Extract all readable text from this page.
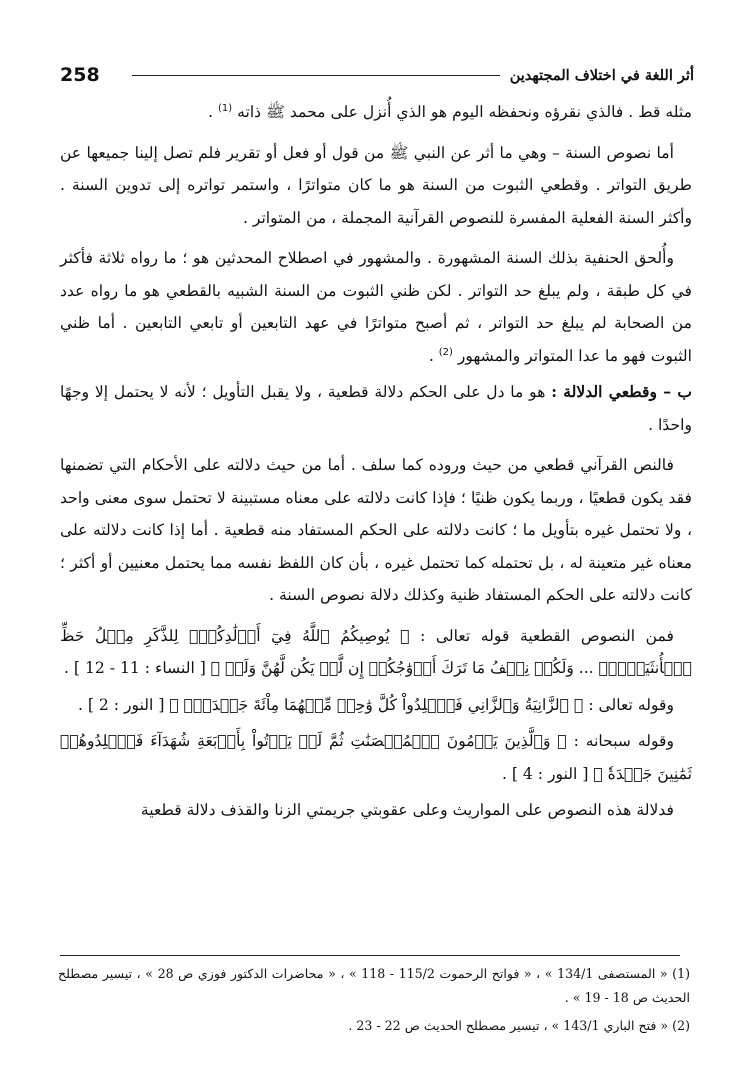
258	أثر اللغة في اختلاف المجتهدين

مثله قط . فالذي نقرؤه ونحفظه اليوم هو الذي أُنزل على محمد ﷺ ذاته $^{(1)}$ .

أما نصوص السنة – وهي ما أثر عن النبي ﷺ من قول أو فعل أو تقرير فلم تصل إلينا جميعها عن طريق التواتر . وقطعي الثبوت من السنة هو ما كان متواترًا ، واستمر تواتره إلى تدوين السنة . وأكثر السنة الفعلية المفسرة للنصوص القرآنية المجملة ، من المتواتر .

وأُلحق الحنفية بذلك السنة المشهورة . والمشهور في اصطلاح المحدثين هو ؛ ما رواه ثلاثة فأكثر في كل طبقة ، ولم يبلغ حد التواتر . لكن ظني الثبوت من السنة الشبيه بالقطعي هو ما رواه عدد من الصحابة لم يبلغ حد التواتر ، ثم أصبح متواترًا في عهد التابعين أو تابعي التابعين . أما ظني الثبوت فهو ما عدا المتواتر والمشهور $^{(2)}$ .

ب – وقطعي الدلالة : هو ما دل على الحكم دلالة قطعية ، ولا يقبل التأويل ؛ لأنه لا يحتمل إلا وجهًا واحدًا .

فالنص القرآني قطعي من حيث وروده كما سلف . أما من حيث دلالته على الأحكام التي تضمنها فقد يكون قطعيًا ، وربما يكون ظنيًا ؛ فإذا كانت دلالته على معناه مستبينة لا تحتمل سوى معنى واحد ، ولا تحتمل غيره بتأويل ما ؛ كانت دلالته على الحكم المستفاد منه قطعية . أما إذا كانت دلالته على معناه غير متعينة له ، بل تحتمله كما تحتمل غيره ، بأن كان اللفظ نفسه مما يحتمل معنيين أو أكثر ؛ كانت دلالته على الحكم المستفاد ظنية وكذلك دلالة نصوص السنة .

فمن النصوص القطعية قوله تعالى : ﴿ يُوصِيكُمُ ٱللَّهُ فِيٓ أَوۡلَٰدِكُمۡۖ لِلذَّكَرِ مِثۡلُ حَظِّ ٱلۡأُنثَيَيۡنِۚ ... وَلَكُمۡ نِصۡفُ مَا تَرَكَ أَزۡوَٰجُكُمۡ إِن لَّمۡ يَكُن لَّهُنَّ وَلَدٞ ﴾ [ النساء : 11 - 12 ] .

وقوله تعالى : ﴿ ٱلزَّانِيَةُ وَٱلزَّانِي فَٱجۡلِدُواْ كُلَّ وَٰحِدٖ مِّنۡهُمَا مِاْئَةَ جَلۡدَةٖۖ ﴾ [ النور : 2 ] .

وقوله سبحانه : ﴿ وَٱلَّذِينَ يَرۡمُونَ ٱلۡمُحۡصَنَٰتِ ثُمَّ لَمۡ يَأۡتُواْ بِأَرۡبَعَةِ شُهَدَآءَ فَٱجۡلِدُوهُمۡ ثَمَٰنِينَ جَلۡدَةٗ ﴾ [ النور : 4 ] .

فدلالة هذه النصوص على المواريث وعلى عقوبتي جريمتي الزنا والقذف دلالة قطعية

(1) « المستصفى 134/1 » ، « فواتح الرحموت 115/2 - 118 » ، « محاضرات الدكتور فوزي ص 28 » ، تيسير مصطلح الحديث ص 18 - 19 » .

(2) « فتح الباري 143/1 » ، تيسير مصطلح الحديث ص 22 - 23 .
